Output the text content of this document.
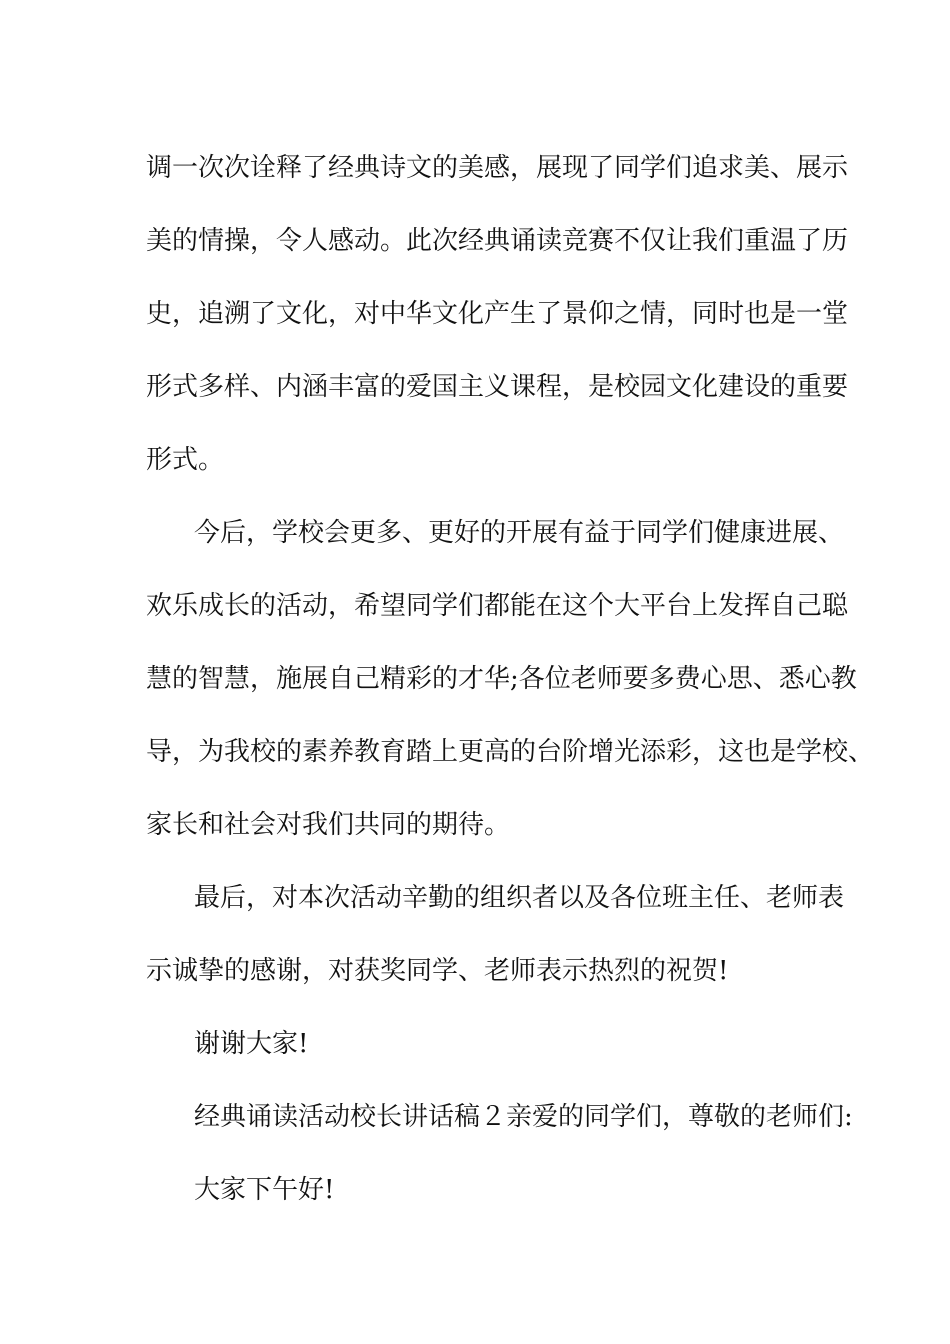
调一次次诠释了经典诗文的美感，展现了同学们追求美、展示
美的情操，令人感动。此次经典诵读竞赛不仅让我们重温了历
史，追溯了文化，对中华文化产生了景仰之情，同时也是一堂
形式多样、内涵丰富的爱国主义课程，是校园文化建设的重要
形式。
今后，学校会更多、更好的开展有益于同学们健康进展、
欢乐成长的活动，希望同学们都能在这个大平台上发挥自己聪
慧的智慧，施展自己精彩的才华;各位老师要多费心思、悉心教
导，为我校的素养教育踏上更高的台阶增光添彩，这也是学校、
家长和社会对我们共同的期待。
最后，对本次活动辛勤的组织者以及各位班主任、老师表
示诚挚的感谢，对获奖同学、老师表示热烈的祝贺!
谢谢大家!
经典诵读活动校长讲话稿２亲爱的同学们，尊敬的老师们:
大家下午好!
